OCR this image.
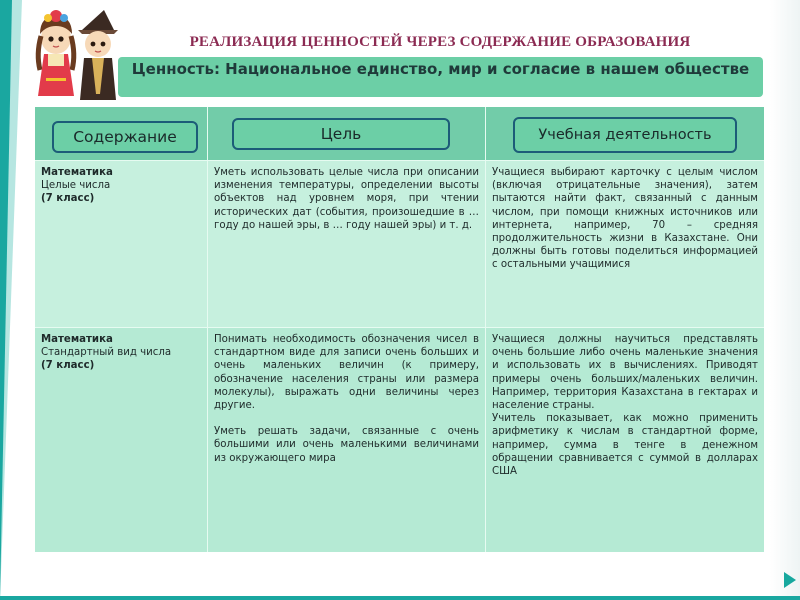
РЕАЛИЗАЦИЯ ЦЕННОСТЕЙ ЧЕРЕЗ СОДЕРЖАНИЕ ОБРАЗОВАНИЯ
Ценность: Национальное единство, мир и согласие в нашем обществе
Математика
Целые числа
(7 класс)
Уметь использовать целые числа при описании изменения температуры, определении высоты объектов над уровнем моря, при чтении исторических дат (события, произошедшие в … году до нашей эры, в … году нашей эры) и т. д.
Учащиеся выбирают карточку с целым числом (включая отрицательные значения), затем пытаются найти факт, связанный с данным числом, при помощи книжных источников или интернета, например, 70 – средняя продолжительность жизни в Казахстане. Они должны быть готовы поделиться информацией с остальными учащимися
Математика
Стандартный вид числа
(7 класс)
Понимать необходимость обозначения чисел в стандартном виде для записи очень больших и очень маленьких величин (к примеру, обозначение населения страны или размера молекулы), выражать одни величины через другие.
Уметь решать задачи, связанные с очень большими или очень маленькими величинами из окружающего мира
Учащиеся должны научиться представлять очень большие либо очень маленькие значения и использовать их в вычислениях. Приводят примеры очень больших/маленьких величин. Например, территория Казахстана в гектарах и население страны.
Учитель показывает, как можно применить арифметику к числам в стандартной форме, например, сумма в тенге в денежном обращении сравнивается с суммой в долларах США
Содержание	Цель	Учебная деятельность
